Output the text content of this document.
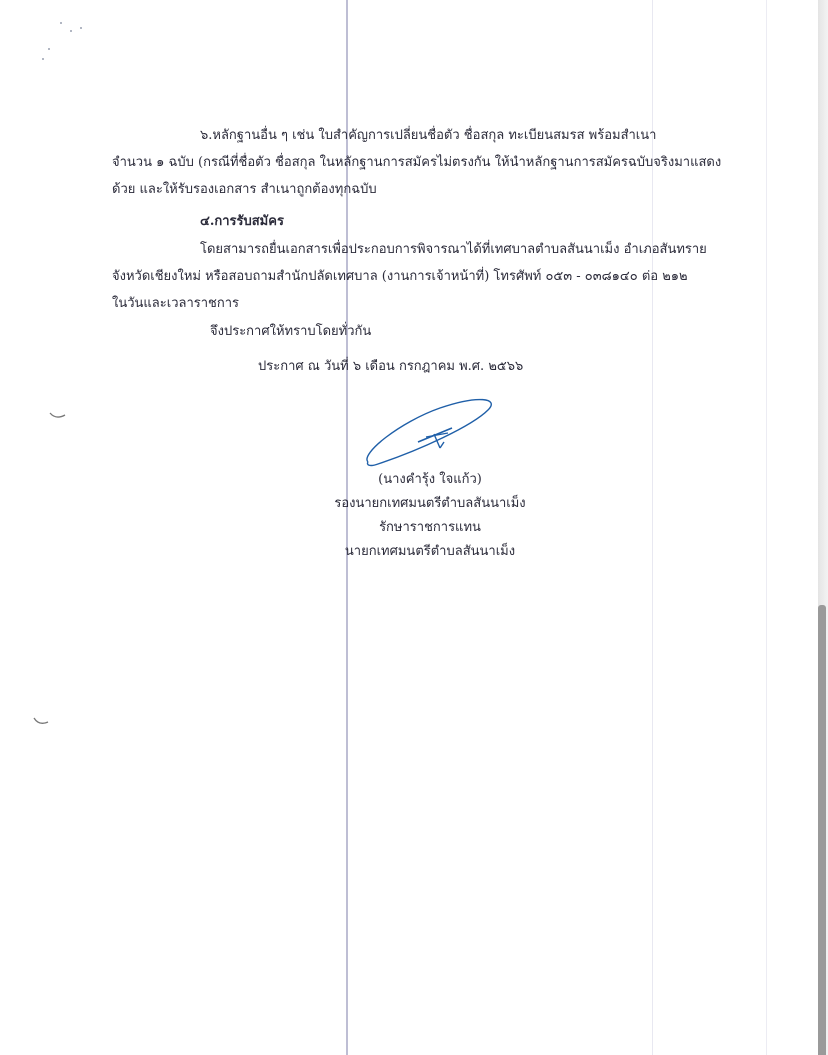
๖.หลักฐานอื่น ๆ เช่น ใบสำคัญการเปลี่ยนชื่อตัว ชื่อสกุล ทะเบียนสมรส พร้อมสำเนา

จำนวน ๑ ฉบับ (กรณีที่ชื่อตัว ชื่อสกุล ในหลักฐานการสมัครไม่ตรงกัน ให้นำหลักฐานการสมัครฉบับจริงมาแสดง

ด้วย และให้รับรองเอกสาร สำเนาถูกต้องทุกฉบับ

๔.การรับสมัคร

โดยสามารถยื่นเอกสารเพื่อประกอบการพิจารณาได้ที่เทศบาลตำบลสันนาเม็ง อำเภอสันทราย

จังหวัดเชียงใหม่ หรือสอบถามสำนักปลัดเทศบาล (งานการเจ้าหน้าที่) โทรศัพท์ ๐๕๓ - ๐๓๘๑๔๐ ต่อ ๒๑๒

ในวันและเวลาราชการ

จึงประกาศให้ทราบโดยทั่วกัน
ประกาศ ณ วันที่ ๖ เดือน กรกฎาคม พ.ศ. ๒๕๖๖
(นางคำรุ้ง ใจแก้ว)
รองนายกเทศมนตรีตำบลสันนาเม็ง
รักษาราชการแทน
นายกเทศมนตรีตำบลสันนาเม็ง
